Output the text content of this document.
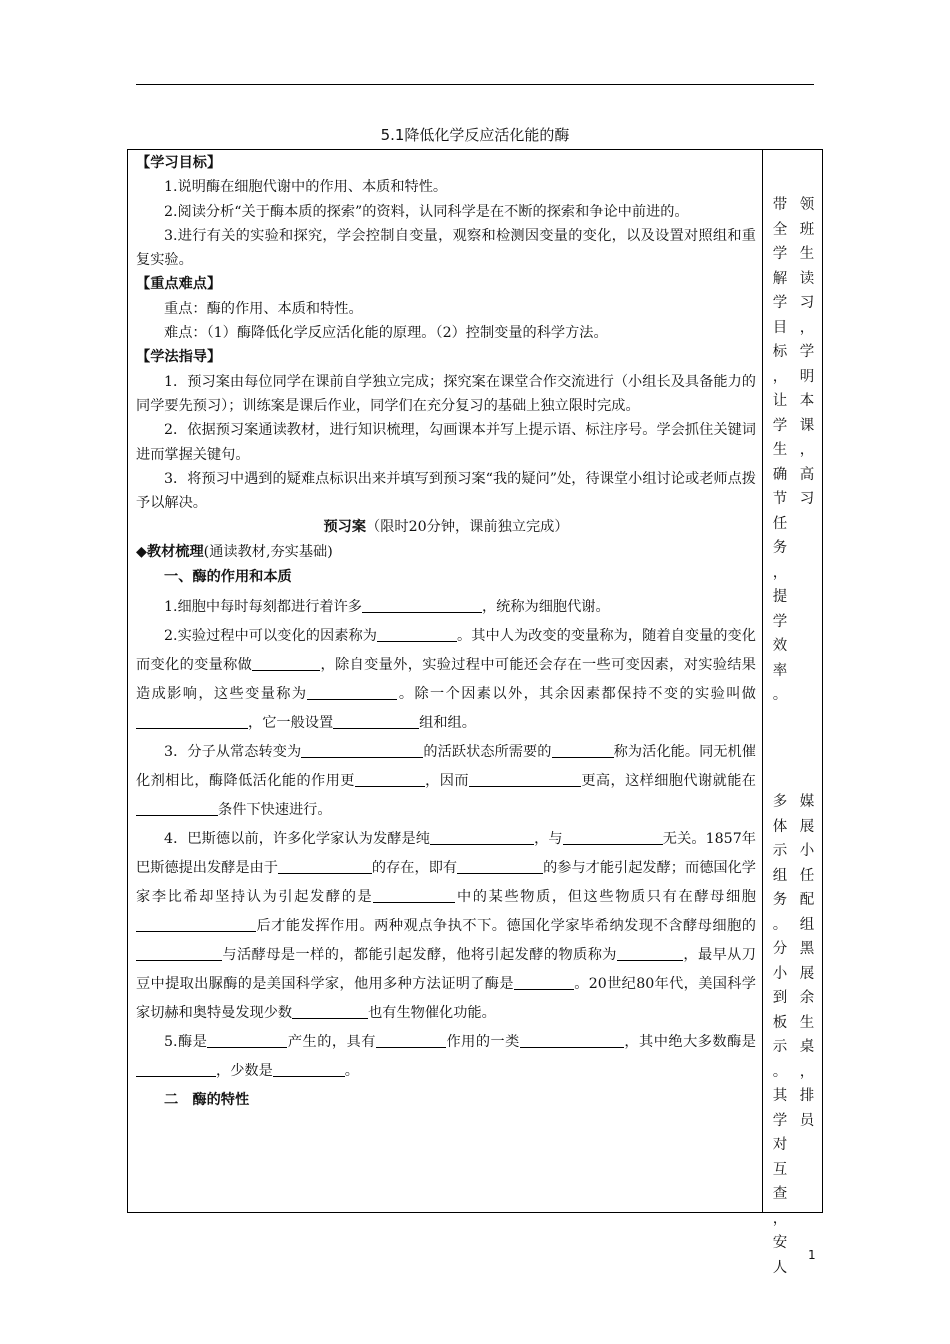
5.1降低化学反应活化能的酶

【学习目标】

1.说明酶在细胞代谢中的作用、本质和特性。

2.阅读分析“关于酶本质的探索”的资料，认同科学是在不断的探索和争论中前进的。

3.进行有关的实验和探究，学会控制自变量，观察和检测因变量的变化，以及设置对照组和重复实验。

【重点难点】

重点：酶的作用、本质和特性。

难点：（1）酶降低化学反应活化能的原理。（2）控制变量的科学方法。

【学法指导】

1．预习案由每位同学在课前自学独立完成；探究案在课堂合作交流进行（小组长及具备能力的同学要先预习）；训练案是课后作业，同学们在充分复习的基础上独立限时完成。

2．依据预习案通读教材，进行知识梳理，勾画课本并写上提示语、标注序号。学会抓住关键词进而掌握关键句。

3．将预习中遇到的疑难点标识出来并填写到预习案“我的疑问”处，待课堂小组讨论或老师点拨予以解决。

预习案（限时20分钟，课前独立完成）

◆教材梳理(通读教材,夯实基础)

一、酶的作用和本质

1.细胞中每时每刻都进行着许多	，统称为细胞代谢。

2.实验过程中可以变化的因素称为	。其中人为改变的变量称为，随着自变量的变化而变化的变量称做	，除自变量外，实验过程中可能还会存在一些可变因素，对实验结果造成影响，这些变量称为	。除一个因素以外，其余因素都保持不变的实验叫做，它一般设置	组和组。

3．分子从常态转变为	的活跃状态所需要的	称为活化能。同无机催化剂相比，酶降低活化能的作用更	，因而	更高，这样细胞代谢就能在条件下快速进行。

4．巴斯德以前，许多化学家认为发酵是纯	，与	无关。1857年巴斯德提出发酵是由于	的存在，即有	的参与才能引起发酵；而德国化学家李比希却坚持认为引起发酵的是	中的某些物质，但这些物质只有在酵母细胞后才能发挥作用。两种观点争执不下。德国化学家毕希纳发现不含酵母细胞的与活酵母是一样的，都能引起发酵，他将引起发酵的物质称为	，最早从刀豆中提取出脲酶的是美国科学家，他用多种方法证明了酶是	。20世纪80年代，美国科学家切赫和奥特曼发现少数	也有生物催化功能。

5.酶是	产生的，具有	作用的一类	，其中绝大多数酶是，少数是	。

二　酶的特性

带
全
学
解
学
目
标
，
让
学
生
确
节
任
务
，
提
学
效
率
。
领
班
生
读
习
，
学
明
本
课
，
高
习
多
体
示
组
务
。
分
小
到
板
示
。
其
学
对
互
查
，
安
人
媒
展
小
任
配
组
黑
展
余
生
桌
，
排
员
1
